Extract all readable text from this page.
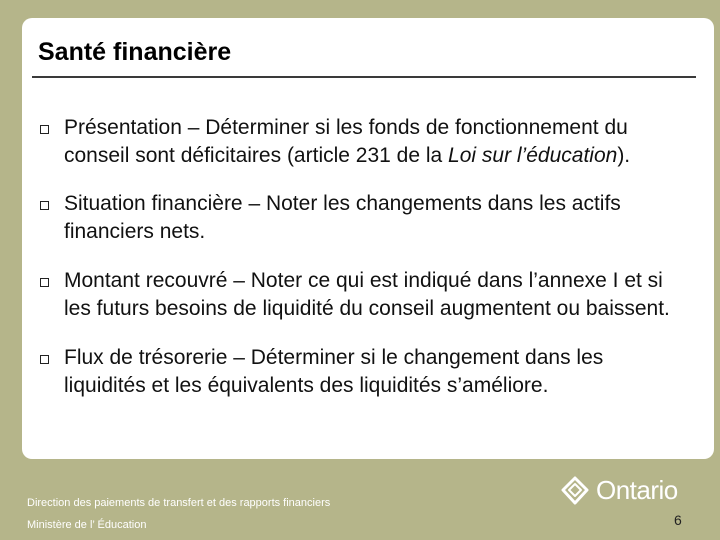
Santé financière
Présentation – Déterminer si les fonds de fonctionnement du conseil sont déficitaires (article 231 de la Loi sur l’éducation).
Situation financière – Noter les changements dans les actifs financiers nets.
Montant recouvré – Noter ce qui est indiqué dans l’annexe I et si les futurs besoins de liquidité du conseil augmentent ou baissent.
Flux de trésorerie – Déterminer si le changement dans les liquidités et les équivalents des liquidités s’améliore.
Direction des paiements de transfert et des rapports financiers
Ministère de l’ Éducation
Ontario
6
